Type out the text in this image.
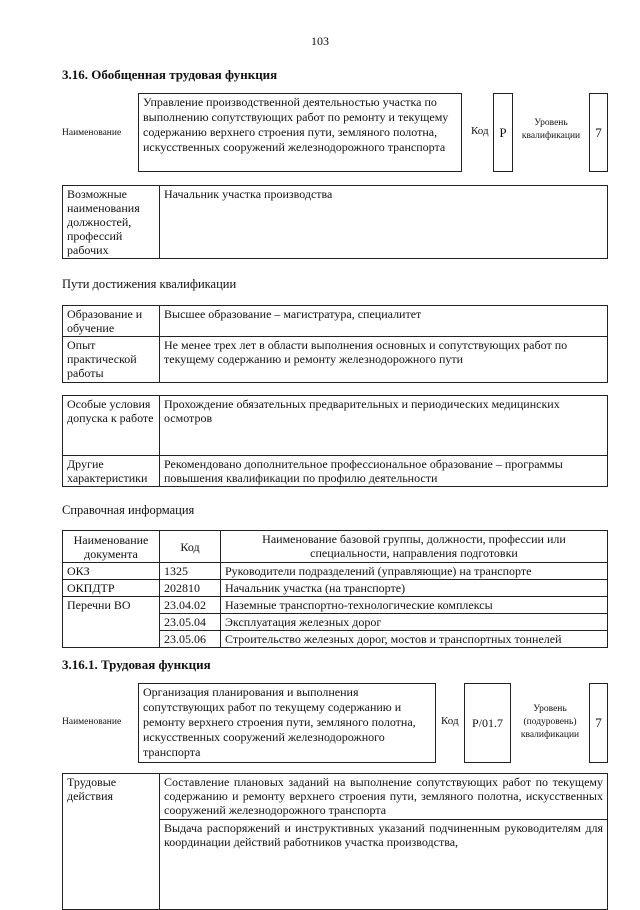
103
3.16. Обобщенная трудовая функция
Наименование
Управление производственной деятельностью участка по выполнению сопутствующих работ по ремонту и текущему содержанию верхнего строения пути, земляного полотна, искусственных сооружений железнодорожного транспорта
Код P
Уровень квалификации	7
Возможные наименования должностей, профессий рабочих	Начальник участка производства
Пути достижения квалификации
Образование и обучение	Высшее образование – магистратура, специалитет
Опыт практической работы	Не менее трех лет в области выполнения основных и сопутствующих работ по текущему содержанию и ремонту железнодорожного пути
Особые условия допуска к работе	Прохождение обязательных предварительных и периодических медицинских осмотров
Другие характеристики	Рекомендовано дополнительное профессиональное образование – программы повышения квалификации по профилю деятельности
Справочная информация
Наименование документа	Код	Наименование базовой группы, должности, профессии или специальности, направления подготовки
ОКЗ	1325	Руководители подразделений (управляющие) на транспорте
ОКПДТР	202810	Начальник участка (на транспорте)
Перечни ВО	23.04.02	Наземные транспортно-технологические комплексы
	23.05.04	Эксплуатация железных дорог
	23.05.06	Строительство железных дорог, мостов и транспортных тоннелей
3.16.1. Трудовая функция
Наименование
Организация планирования и выполнения сопутствующих работ по текущему содержанию и ремонту верхнего строения пути, земляного полотна, искусственных сооружений железнодорожного транспорта
Код	P/01.7
Уровень (подуровень) квалификации
7
Трудовые действия	Составление плановых заданий на выполнение сопутствующих работ по текущему содержанию и ремонту верхнего строения пути, земляного полотна, искусственных сооружений железнодорожного транспорта
Выдача распоряжений и инструктивных указаний подчиненным руководителям для координации действий работников участка производства,
